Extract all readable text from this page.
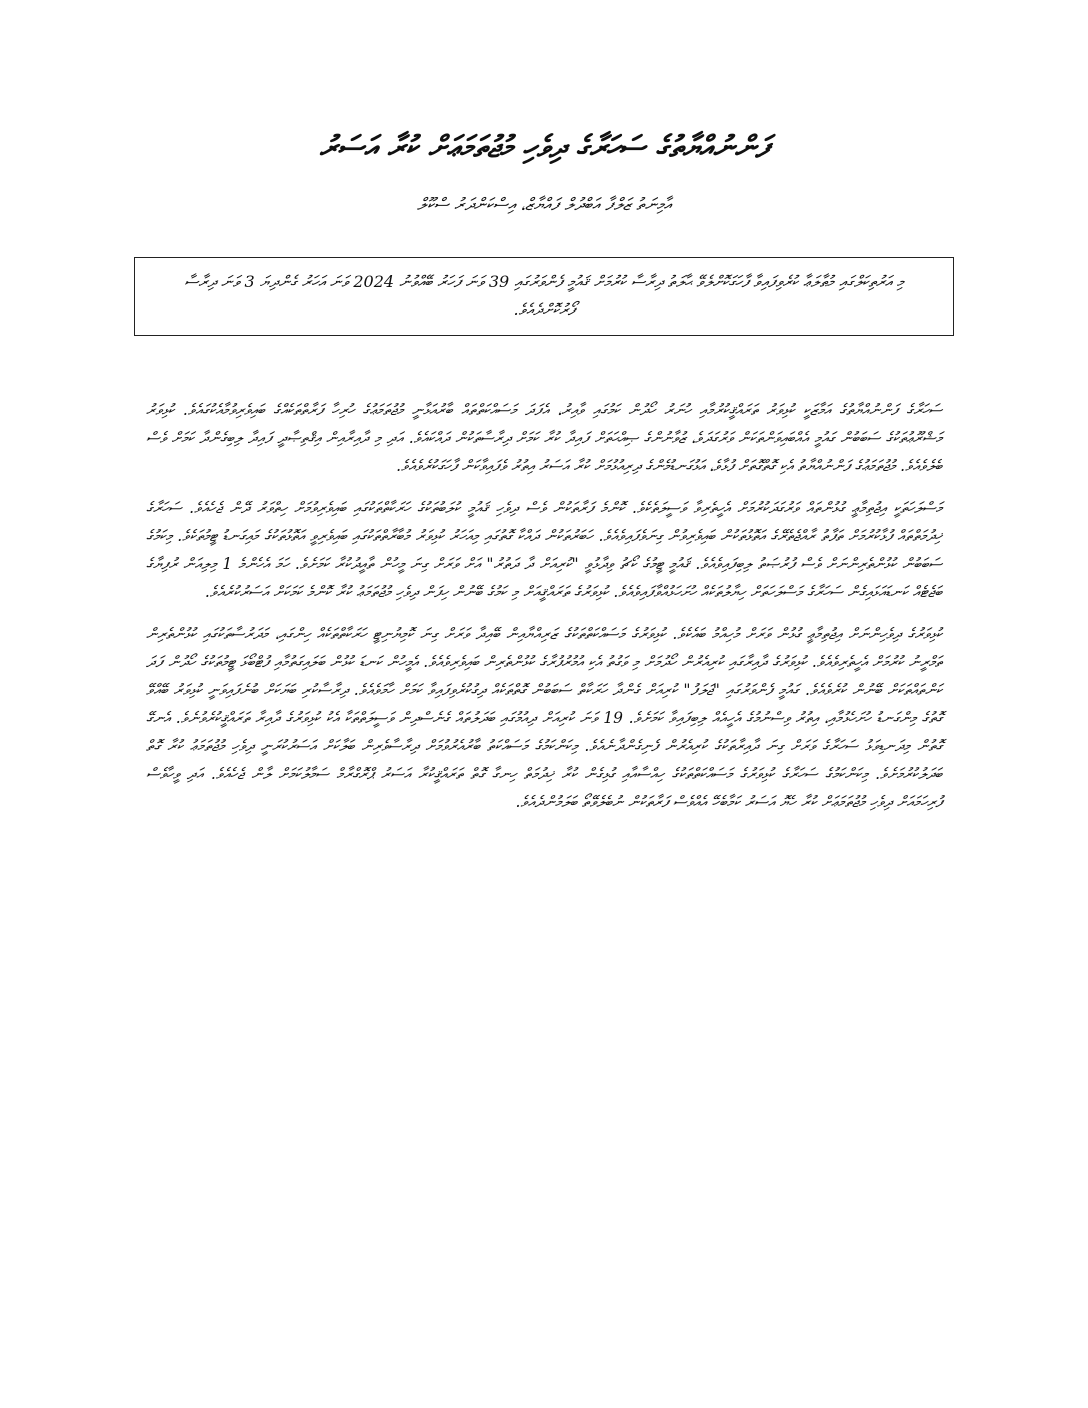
ފަންނުއްޔާތުގެ ސަހަރާގެ ދިވެހި މުޖުތަމަޢަށް ކުރާ އަސަރު
އާމިނަތު ޒަލްފާ އަބްދުލް ފައްޔާޒް، އިސްކަންދަރު ސްކޫލް
މި އަރުތިކަލްގައި މުޠާލަޢާ ކުރެވިފައިވާ ފާހަގަކޮށްލެވޭ ޙާލަތު ދިރާސާ ކުރުމަށް ޤައުމީ ފެންވަރުގައި 39 ވަނަ ފަހަރު ބޭއްވުނު 2024 ވަނަ އަހަރު ގެންދިޔަ 3 ވަނަ ދިރާސާ ފޯރުކޮށްދެއެވެ.

ސަހަރާގެ ފަންނުއްޔާތުގެ އަމާޒަކީ ކުޅިވަރު ތަރައްޤީކުރުމާއި ހުނަރު ހޯދުން ކަމުގައި ވާއިރު، އެފަދަ މަސައްކަތްތައް ބާރުއަޅާނީ މުޖުތަމަޢުގެ ހުރިހާ ފަރާތްތަކެއްގެ ބައިވެރިވުމާއެކުގައެވެ. ކުޅިވަރު މަޝްރޫޢުތަކުގެ ސަބަބުން ގައުމީ އެއްބައިވަންތަކަން ވަރުގަދަވެ، ޒުވާނުންގެ ޞިއްޙަތަށް ފައިދާ ކުރާ ކަމަށް ދިރާސާތަކުން ދައްކައެވެ. އަދި މި ދާއިރާއިން އިޤްތިޞާދީ ފައިދާ ލިބިގެންދާ ކަމަށް ވެސް ބެލެވެއެވެ. މުޖުތަމަޢުގެ ފަންނުއްޔާތު އެކި ގޮތްގޮތަށް ފުޅާވެ، އަޅުގަނޑުމެންގެ ދިރިއުޅުމަށް ކުރާ އަސަރު އިތުރު ވެފައިވާކަން ފާހަގަކުރެވެއެވެ.

މަސްލަހަތަކީ އިޖުތިމާޢީ ގުޅުންތައް ވަރުގަދަކުރުމަށް އެހީތެރިވާ ވަސީލަތެކެވެ. ކޮންމެ ފަރާތަކުން ވެސް ދިވެހި ޤައުމީ ކުލަބުތަކުގެ ހަރަކާތްތަކުގައި ބައިވެރިވުމަށް ހިތްވަރު ދޭން ޖެހެއެވެ. ސަހަރާގެ ޚިދުމަތްތައް ފުޅާކުރުމަށް ތަފާތު ރާއްޖެތެރޭގެ އަތޮޅުތަކުން ބައިވެރިވުން ގިނަވެފައިވެއެވެ. ހަބަރުތަކުން ދައްކާ ގޮތުގައި މިއަހަރު ކުޅިވަރު މުބާރާތްތަކުގައި ބައިވެރިވީ އަތޮޅުތަކުގެ މައިގަނޑު ޓީމުތަކެވެ. މިކަމުގެ ސަބަބުން ކުޅުންތެރިންނަށް ވެސް ފުރުޞަތު ލިބިފައިވެއެވެ. ޤައުމީ ޓީމުގެ ކޯޗު ވިދާޅުވީ "ކުރިއަށް ދާ ދަތުރު" އަށް ވަރަށް ގިނަ މީހުން ތާއީދުކުރާ ކަމަށެވެ. ހަމަ އެހެންމެ 1 މިލިއަން ރުފިޔާގެ ބަޖެޓެއް ކަނޑައަޅައިގެން ސަހަރާގެ މަސްލަހަތަށް ހިޔާލުތަކެއް ހުށަހަޅުއްވާފައިވެއެވެ. ކުޅިވަރުގެ ތަރައްޤީއަށް މި ކަމުގެ ބޭނުން ހިފަން ދިވެހި މުޖުތަމަޢު ކުރާ ކޮންމެ ކަމަކަށް އަސަރުކުރެއެވެ.

ކުޅިވަރުގެ ދިވެހިންނަށް އިޖުތިމާޢީ ގުޅުން ވަރަށް މުހިއްމު ބައެކެވެ. ކުޅިވަރުގެ މަސައްކަތްތަކުގެ ޒަރިއްޔާއިން ބޭއިދާ ވަރަށް ގިނަ ކޮމިޔުނިޓީ ހަރަކާތްތަކެއް ހިންގައި، މަދަރުސާތަކުގައި ކުޅުންތެރިން ތަމްރީނު ކުރުމަށް އެހީތެރިވެއެވެ. ކުޅިވަރުގެ ދާއިރާގައި ކުރިއެރުން ހޯދުމަށް މި ވަގުތު އެކި އުމުރުފުރާގެ ކުޅުންތެރިން ބައިވެރިވެއެވެ. އެމީހުން ކަނޑަ ކުޅުން ބަލައިގަތުމާއި ފުޓްބޯޅަ ޓީމުތަކުގެ ހޯދުން ފަދަ ކަންތައްތަކަށް ބޭނުން ކުރެވެއެވެ. ގައުމީ ފެންވަރުގައި "ޖަލަފު" ކުރިއަށް ގެންދާ ހަރަކާތް ސަބަބުން ގޮތްތަކެއް ދިގުކުރެވިފައިވާ ކަމަށް ހާމަވެއެވެ. ދިރާސާކުރި ބަޔަކަށް ބުނެފައިވަނީ ކުޅިވަރު ބޭއްވޭ ގޮތުގެ މިންގަނޑު ހުށަހެޅުމާއި، އިތުރު ވިސްނުމުގެ އެހީއެއް ލިބިފައިވާ ކަމަށެވެ. 19 ވަނަ ކުރިއަށް ދިއުމުގައި ބަދަލުތައް ގެނެސްދިން ވަސީލަތްތަކާ އެކު ކުޅިވަރުގެ ދާއިރާ ތަރައްޤީކުރެވުނެވެ. އެނގޭ ގޮތުން މިދަނޑިވަޅު ސަހަރާގެ ވަރަށް ގިނަ ދާއިރާތަކުގެ ކުރިއެރުން ފެނިގެންދާނެއެވެ. މިކަންކަމުގެ މަސައްކަތު ބާރުއެރުވުމަށް ދިރާސާވެރިން ބަލާކަށް އަސަރުކުރަނީ ދިވެހި މުޖުތަމަޢު ކުރާ ގޮތް ބަދަލުކުރުމަށެވެ. މިކަންކަމުގެ ސަހަރާގެ ކުޅިވަރުގެ މަސައްކަތްތަކުގެ ހިއްސާއާއި ގުޅިގެން ކުރާ ޚިދުމަތް ހިނގާ ގޮތް ތަރައްޤީކުރާ އަސަރު ޕްރޮގްރާމް ސަމާލުކަމަށް ލާން ޖެހެއެވެ. އަދި ވީހާވެސް ފުރިހަމައަށް ދިވެހި މުޖުތަމަޢަށް ކުރާ ހެޔޮ އަސަރު ކަމާބެހޭ އެއްވެސް ފަރާތަކުން ނުބެލެވޭތޯ ބަލަމުންދެއެވެ.
